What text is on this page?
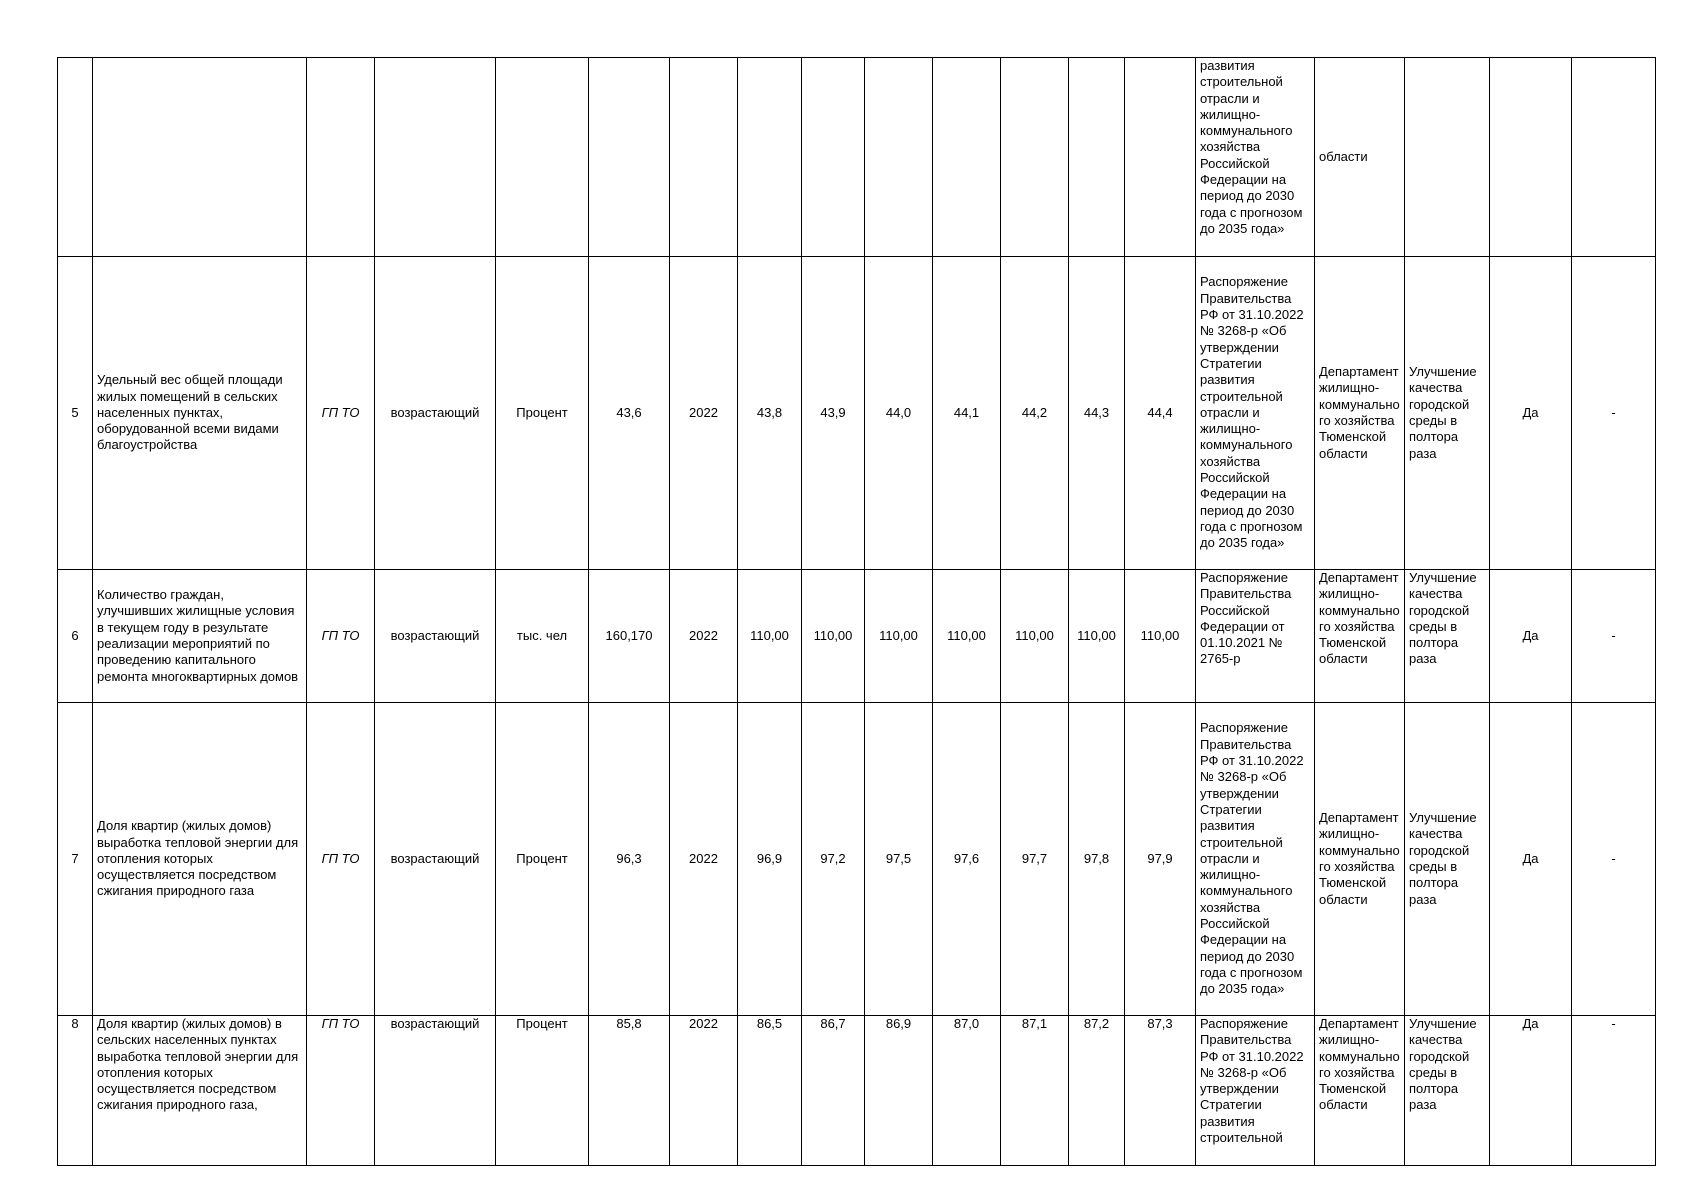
														развития строительной отрасли и жилищно-коммунального хозяйства Российской Федерации на период до 2030 года с прогнозом до 2035 года»	области			
5	Удельный вес общей площади жилых помещений в сельских населенных пунктах, оборудованной всеми видами благоустройства	ГП ТО	возрастающий	Процент	43,6	2022	43,8	43,9	44,0	44,1	44,2	44,3	44,4	Распоряжение Правительства РФ от 31.10.2022 № 3268-р «Об утверждении Стратегии развития строительной отрасли и жилищно-коммунального хозяйства Российской Федерации на период до 2030 года с прогнозом до 2035 года»	Департамент жилищно-коммунального хозяйства Тюменской области	Улучшение качества городской среды в полтора раза	Да	-
6	Количество граждан, улучшивших жилищные условия в текущем году в результате реализации мероприятий по проведению капитального ремонта многоквартирных домов	ГП ТО	возрастающий	тыс. чел	160,170	2022	110,00	110,00	110,00	110,00	110,00	110,00	110,00	Распоряжение Правительства Российской Федерации от 01.10.2021 № 2765-р	Департамент жилищно-коммунального хозяйства Тюменской области	Улучшение качества городской среды в полтора раза	Да	-
7	Доля квартир (жилых домов) выработка тепловой энергии для отопления которых осуществляется посредством сжигания природного газа	ГП ТО	возрастающий	Процент	96,3	2022	96,9	97,2	97,5	97,6	97,7	97,8	97,9	Распоряжение Правительства РФ от 31.10.2022 № 3268-р «Об утверждении Стратегии развития строительной отрасли и жилищно-коммунального хозяйства Российской Федерации на период до 2030 года с прогнозом до 2035 года»	Департамент жилищно-коммунального хозяйства Тюменской области	Улучшение качества городской среды в полтора раза	Да	-
8	Доля квартир (жилых домов) в сельских населенных пунктах выработка тепловой энергии для отопления которых осуществляется посредством сжигания природного газа,	ГП ТО	возрастающий	Процент	85,8	2022	86,5	86,7	86,9	87,0	87,1	87,2	87,3	Распоряжение Правительства РФ от 31.10.2022 № 3268-р «Об утверждении Стратегии развития строительной	Департамент жилищно-коммунального хозяйства Тюменской области	Улучшение качества городской среды в полтора раза	Да	-
